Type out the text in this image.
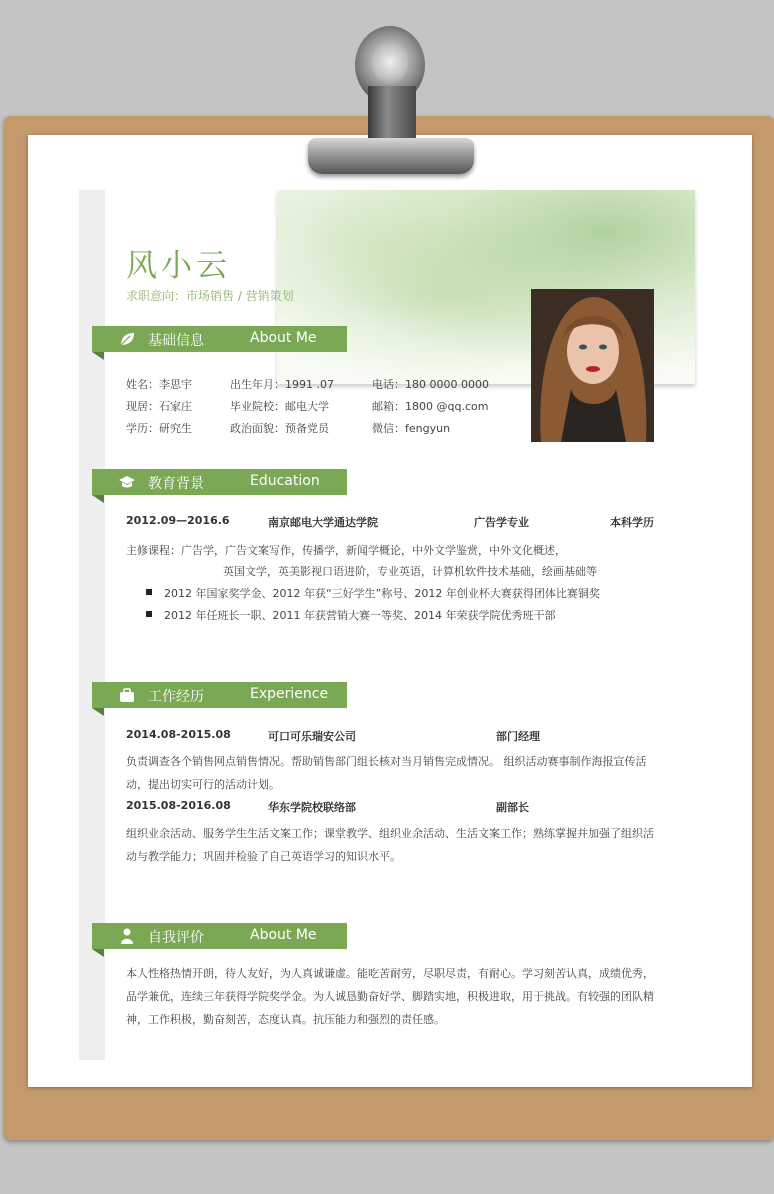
风小云
求职意向：市场销售 / 营销策划
基础信息	About Me
姓名：李思宇	出生年月：1991 .07	电话：180 0000 0000
现居：石家庄	毕业院校：邮电大学	邮箱：1800 @qq.com
学历：研究生	政治面貌：预备党员	微信：fengyun
教育背景	Education
2012.09—2016.6	南京邮电大学通达学院	广告学专业	本科学历
主修课程：广告学，广告文案写作，传播学，新闻学概论，中外文学鉴赏，中外文化概述，
英国文学，英美影视口语进阶，专业英语，计算机软件技术基础，绘画基础等
2012 年国家奖学金、2012 年获“三好学生”称号、2012 年创业杯大赛获得团体比赛铜奖
2012 年任班长一职、2011 年获营销大赛一等奖、2014 年荣获学院优秀班干部
工作经历	Experience
2014.08-2015.08	可口可乐瑞安公司	部门经理

负责调查各个销售网点销售情况。帮助销售部门组长核对当月销售完成情况。 组织活动赛事制作海报宣传活动，提出切实可行的活动计划。

2015.08-2016.08	华东学院校联络部	副部长

组织业余活动、服务学生生活文案工作；课堂教学、组织业余活动、生活文案工作；熟练掌握并加强了组织活动与教学能力；巩固并检验了自己英语学习的知识水平。

自我评价	About Me

本人性格热情开朗，待人友好，为人真诚谦虚。能吃苦耐劳，尽职尽责，有耐心。学习刻苦认真，成绩优秀，品学兼优，连续三年获得学院奖学金。为人诚恳勤奋好学、脚踏实地，积极进取，用于挑战。有较强的团队精神，工作积极，勤奋刻苦，态度认真。抗压能力和强烈的责任感。
